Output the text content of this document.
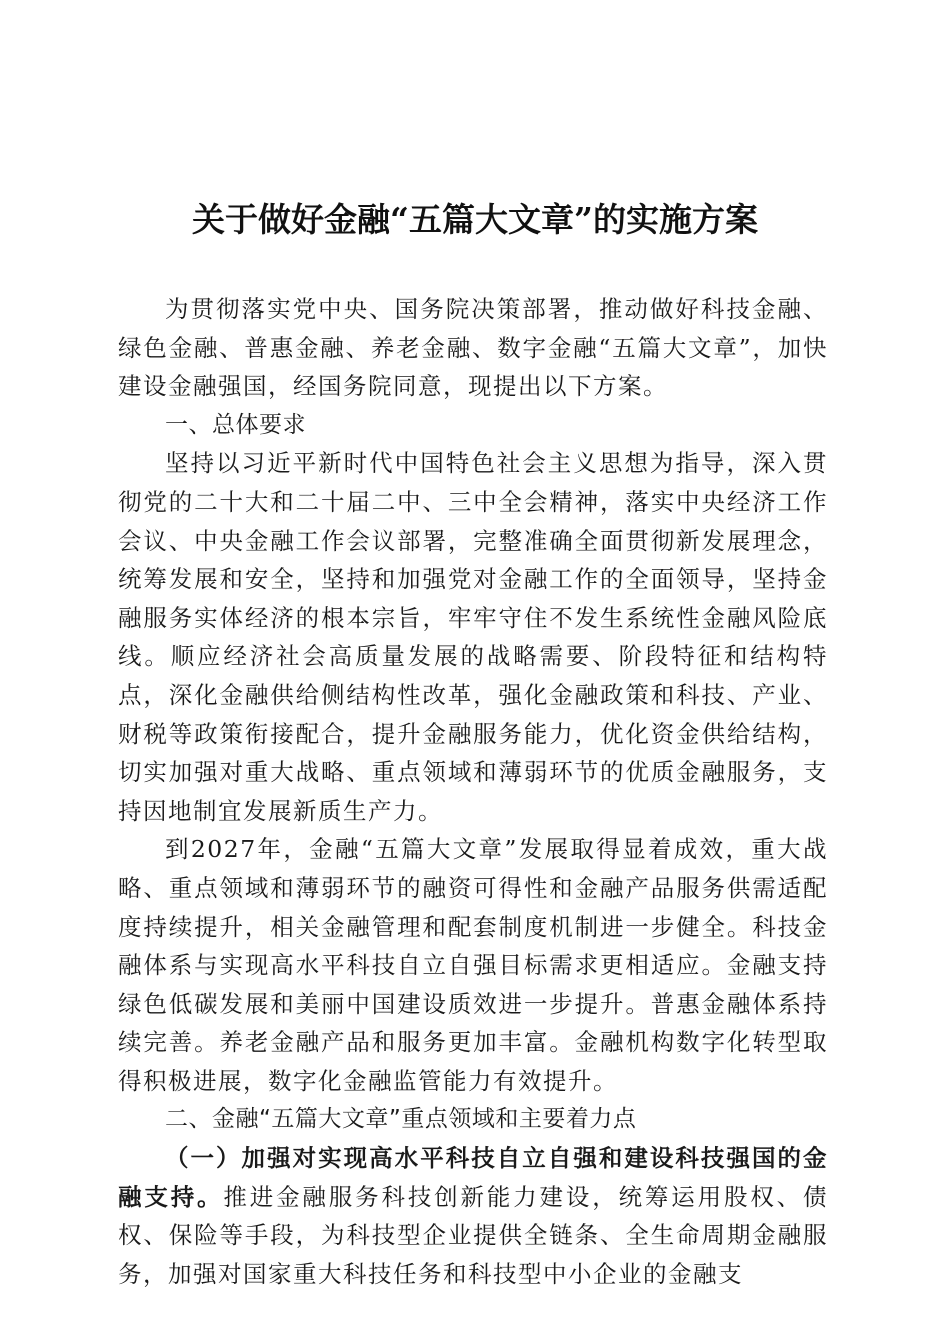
关于做好金融“五篇大文章”的实施方案

为贯彻落实党中央、国务院决策部署，推动做好科技金融、绿色金融、普惠金融、养老金融、数字金融“五篇大文章”，加快建设金融强国，经国务院同意，现提出以下方案。

一、总体要求

坚持以习近平新时代中国特色社会主义思想为指导，深入贯彻党的二十大和二十届二中、三中全会精神，落实中央经济工作会议、中央金融工作会议部署，完整准确全面贯彻新发展理念，统筹发展和安全，坚持和加强党对金融工作的全面领导，坚持金融服务实体经济的根本宗旨，牢牢守住不发生系统性金融风险底线。顺应经济社会高质量发展的战略需要、阶段特征和结构特点，深化金融供给侧结构性改革，强化金融政策和科技、产业、财税等政策衔接配合，提升金融服务能力，优化资金供给结构，切实加强对重大战略、重点领域和薄弱环节的优质金融服务，支持因地制宜发展新质生产力。

到2027年，金融“五篇大文章”发展取得显着成效，重大战略、重点领域和薄弱环节的融资可得性和金融产品服务供需适配度持续提升，相关金融管理和配套制度机制进一步健全。科技金融体系与实现高水平科技自立自强目标需求更相适应。金融支持绿色低碳发展和美丽中国建设质效进一步提升。普惠金融体系持续完善。养老金融产品和服务更加丰富。金融机构数字化转型取得积极进展，数字化金融监管能力有效提升。

二、金融“五篇大文章”重点领域和主要着力点

（一）加强对实现高水平科技自立自强和建设科技强国的金融支持。推进金融服务科技创新能力建设，统筹运用股权、债权、保险等手段，为科技型企业提供全链条、全生命周期金融服务，加强对国家重大科技任务和科技型中小企业的金融支
